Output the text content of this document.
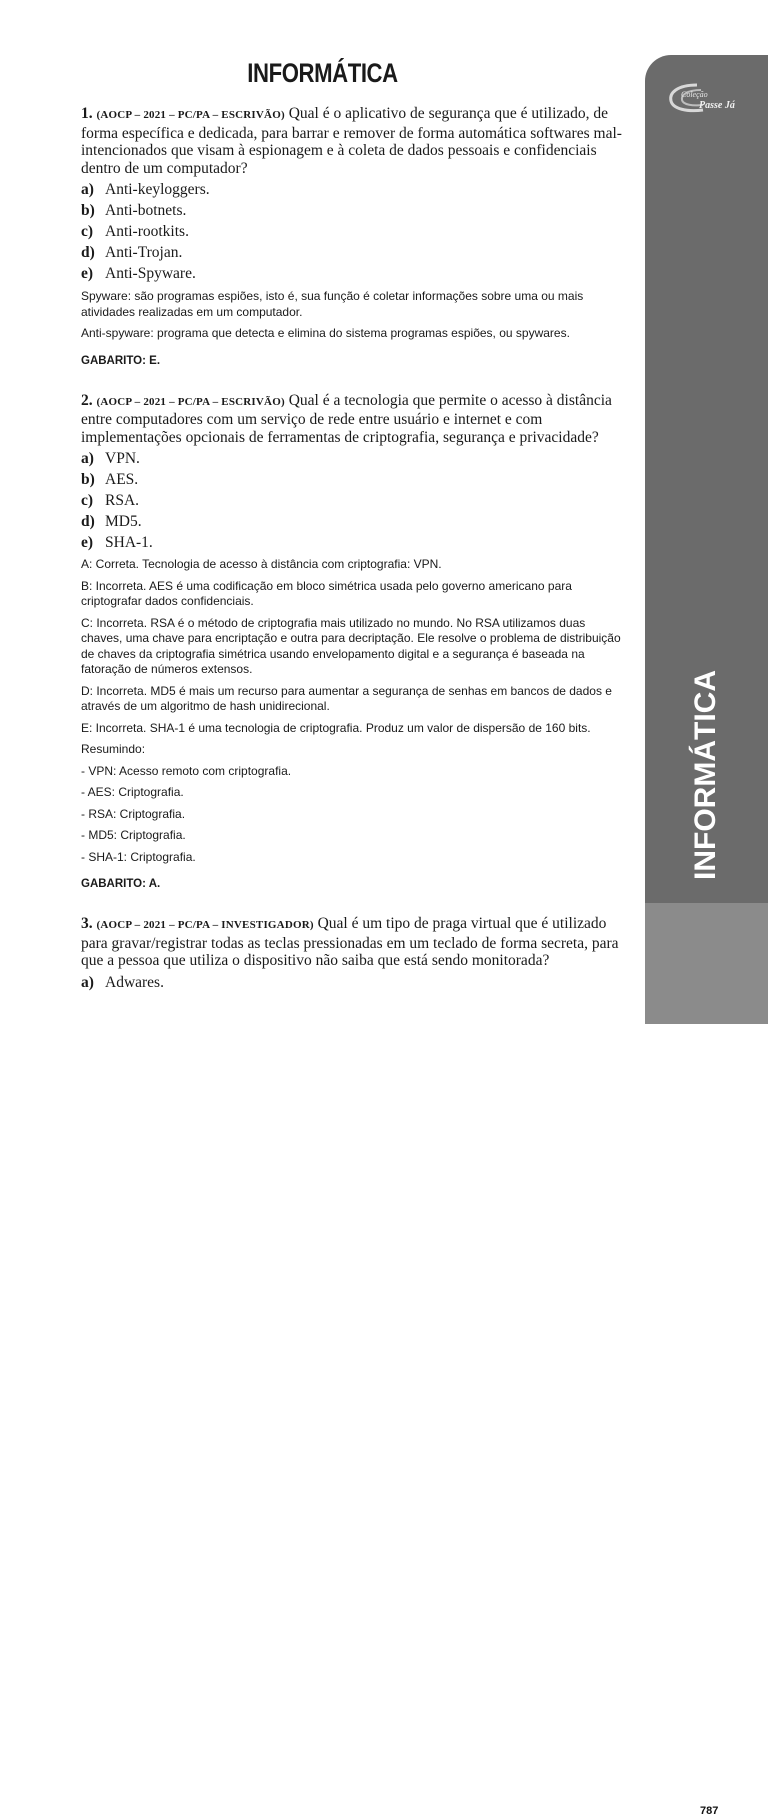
INFORMÁTICA
Coleção
Passe Já
INFORMÁTICA
787

1. (AOCP – 2021 – PC/PA – ESCRIVÃO) Qual é o aplicativo de segurança que é utilizado, de forma específica e dedicada, para barrar e remover de forma automática softwares mal-intencionados que visam à espionagem e à coleta de dados pessoais e confidenciais dentro de um computador?

a) Anti-keyloggers.

b) Anti-botnets.

c) Anti-rootkits.

d) Anti-Trojan.

e) Anti-Spyware.

Spyware: são programas espiões, isto é, sua função é coletar informações sobre uma ou mais atividades realizadas em um computador.

Anti-spyware: programa que detecta e elimina do sistema programas espiões, ou spywares.

GABARITO: E.

2. (AOCP – 2021 – PC/PA – ESCRIVÃO) Qual é a tecnologia que permite o acesso à distância entre computadores com um serviço de rede entre usuário e internet e com implementações opcionais de ferramentas de criptografia, segurança e privacidade?

a) VPN.

b) AES.

c) RSA.

d) MD5.

e) SHA-1.

A: Correta. Tecnologia de acesso à distância com criptografia: VPN.

B: Incorreta. AES é uma codificação em bloco simétrica usada pelo governo americano para criptografar dados confidenciais.

C: Incorreta. RSA é o método de criptografia mais utilizado no mundo. No RSA utilizamos duas chaves, uma chave para encriptação e outra para decriptação. Ele resolve o problema de distribuição de chaves da criptografia simétrica usando envelopamento digital e a segurança é baseada na fatoração de números extensos.

D: Incorreta. MD5 é mais um recurso para aumentar a segurança de senhas em bancos de dados e através de um algoritmo de hash unidirecional.

E: Incorreta. SHA-1 é uma tecnologia de criptografia. Produz um valor de dispersão de 160 bits.

Resumindo:

- VPN: Acesso remoto com criptografia.

- AES: Criptografia.

- RSA: Criptografia.

- MD5: Criptografia.

- SHA-1: Criptografia.

GABARITO: A.

3. (AOCP – 2021 – PC/PA – INVESTIGADOR) Qual é um tipo de praga virtual que é utilizado para gravar/registrar todas as teclas pressionadas em um teclado de forma secreta, para que a pessoa que utiliza o dispositivo não saiba que está sendo monitorada?

a) Adwares.
